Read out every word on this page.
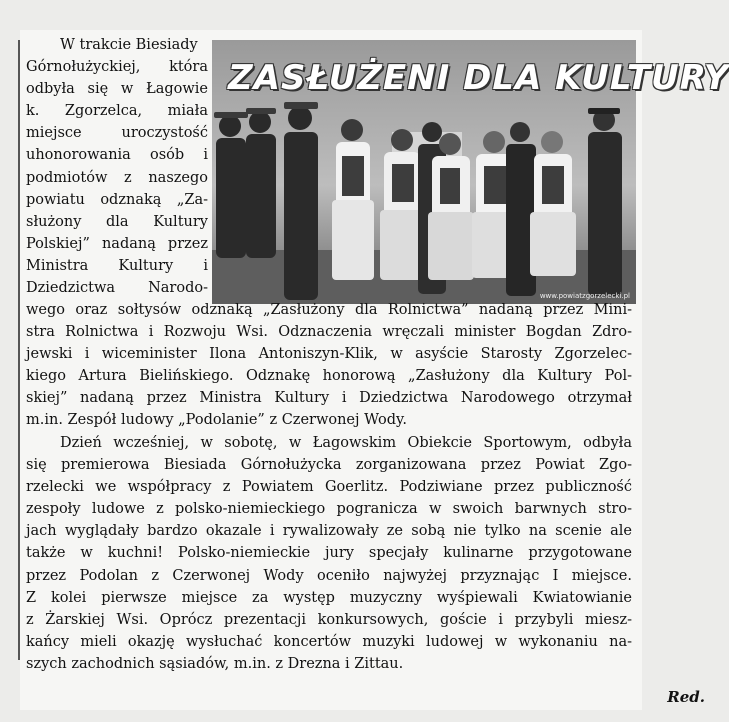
W trakcie Biesiady
Górnołużyckiej, która
odbyła się w Łagowie
k. Zgorzelca, miała
miejsce uroczystość
uhonorowania osób i
podmiotów z naszego
powiatu odznaką „Za-
służony dla Kultury
Polskiej” nadaną przez
Ministra Kultury i
Dziedzictwa Narodo-
ZASŁUŻENI DLA KULTURY
www.powiatzgorzelecki.pl
wego oraz sołtysów odznaką „Zasłużony dla Rolnictwa” nadaną przez Mini-
stra Rolnictwa i Rozwoju Wsi. Odznaczenia wręczali minister Bogdan Zdro-
jewski i wiceminister Ilona Antoniszyn-Klik, w asyście Starosty Zgorzelec-
kiego Artura Bielińskiego. Odznakę honorową „Zasłużony dla Kultury Pol-
skiej” nadaną przez Ministra Kultury i Dziedzictwa Narodowego otrzymał
m.in. Zespół ludowy „Podolanie” z Czerwonej Wody.
Dzień wcześniej, w sobotę, w Łagowskim Obiekcie Sportowym, odbyła
się premierowa Biesiada Górnołużycka zorganizowana przez Powiat Zgo-
rzelecki we współpracy z Powiatem Goerlitz. Podziwiane przez publiczność
zespoły ludowe z polsko-niemieckiego pogranicza w swoich barwnych stro-
jach wyglądały bardzo okazale i rywalizowały ze sobą nie tylko na scenie ale
także w kuchni! Polsko-niemieckie jury specjały kulinarne przygotowane
przez Podolan z Czerwonej Wody oceniło najwyżej przyznając I miejsce.
Z kolei pierwsze miejsce za występ muzyczny wyśpiewali Kwiatowianie
z Żarskiej Wsi. Oprócz prezentacji konkursowych, goście i przybyli miesz-
kańcy mieli okazję wysłuchać koncertów muzyki ludowej w wykonaniu na-
szych zachodnich sąsiadów, m.in. z Drezna i Zittau.
Red.
